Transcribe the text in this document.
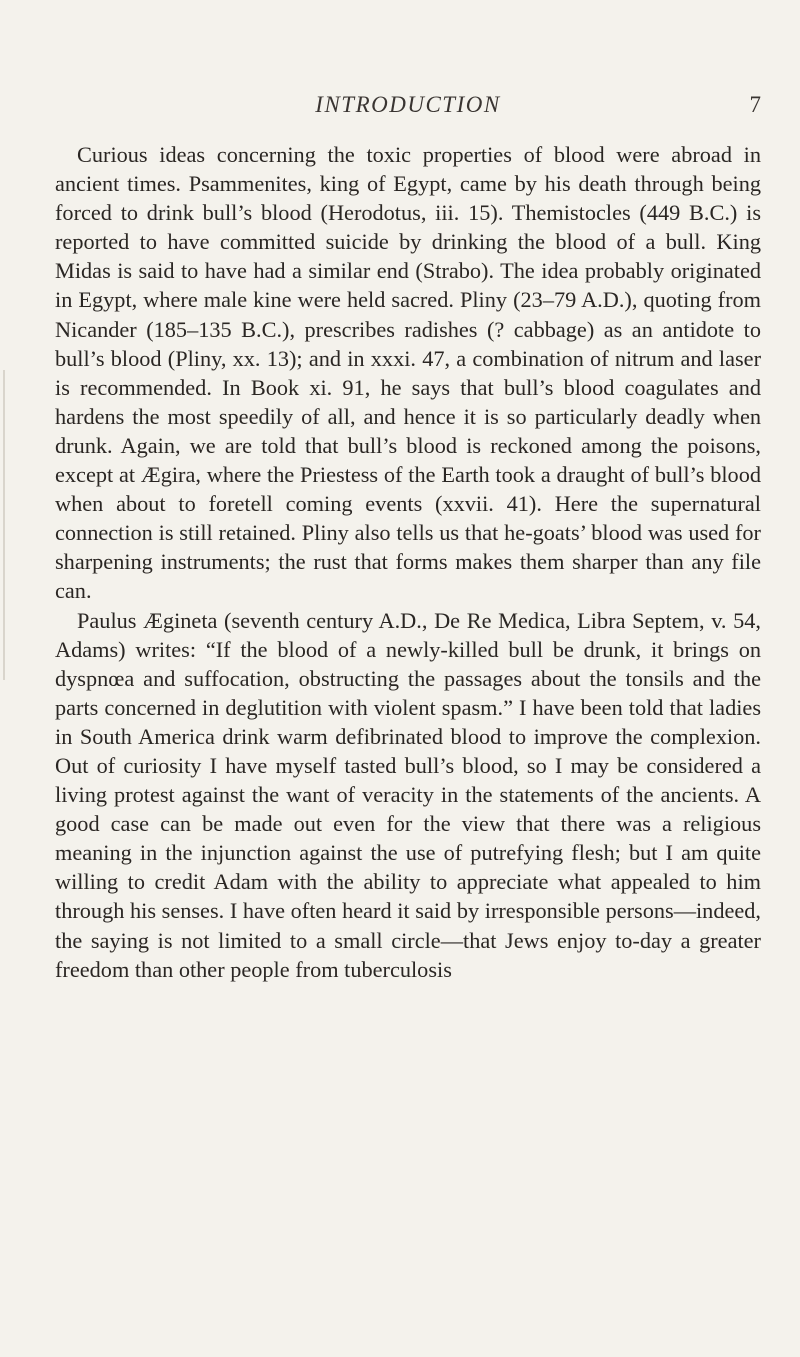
INTRODUCTION	7

Curious ideas concerning the toxic properties of blood were abroad in ancient times. Psammenites, king of Egypt, came by his death through being forced to drink bull’s blood (Herodotus, iii. 15). Themistocles (449 B.C.) is reported to have committed suicide by drinking the blood of a bull. King Midas is said to have had a similar end (Strabo). The idea probably originated in Egypt, where male kine were held sacred. Pliny (23–79 A.D.), quoting from Nicander (185–135 B.C.), prescribes radishes (? cabbage) as an antidote to bull’s blood (Pliny, xx. 13); and in xxxi. 47, a combination of nitrum and laser is recommended. In Book xi. 91, he says that bull’s blood coagulates and hardens the most speedily of all, and hence it is so particularly deadly when drunk. Again, we are told that bull’s blood is reckoned among the poisons, except at Ægira, where the Priestess of the Earth took a draught of bull’s blood when about to foretell coming events (xxvii. 41). Here the supernatural connection is still retained. Pliny also tells us that he-goats’ blood was used for sharpening instruments; the rust that forms makes them sharper than any file can.

Paulus Ægineta (seventh century A.D., De Re Medica, Libra Septem, v. 54, Adams) writes: “If the blood of a newly-killed bull be drunk, it brings on dyspnœa and suffocation, obstructing the passages about the tonsils and the parts concerned in deglutition with violent spasm.” I have been told that ladies in South America drink warm defibrinated blood to improve the complexion. Out of curiosity I have myself tasted bull’s blood, so I may be considered a living protest against the want of veracity in the statements of the ancients. A good case can be made out even for the view that there was a religious meaning in the injunction against the use of putrefying flesh; but I am quite willing to credit Adam with the ability to appreciate what appealed to him through his senses. I have often heard it said by irresponsible persons—indeed, the saying is not limited to a small circle—that Jews enjoy to-day a greater freedom than other people from tuberculosis
